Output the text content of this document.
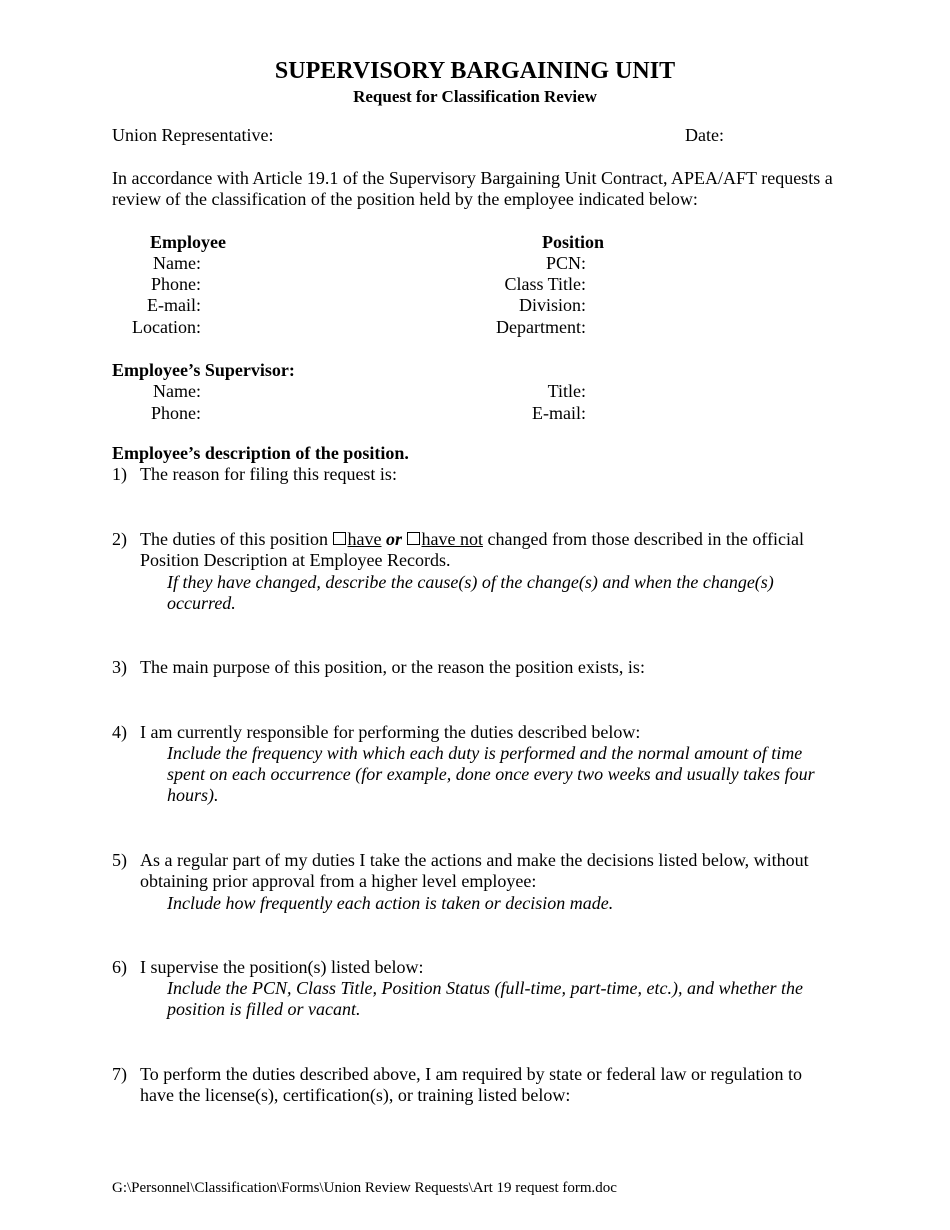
SUPERVISORY BARGAINING UNIT
Request for Classification Review
Union Representative:	Date:
In accordance with Article 19.1 of the Supervisory Bargaining Unit Contract, APEA/AFT requests a review of the classification of the position held by the employee indicated below:
Employee	Position
Name:
Phone:
E-mail:
Location:
PCN:
Class Title:
Division:
Department:
Employee’s Supervisor:
Name:
Phone:
Title:
E-mail:
Employee’s description of the position.
1) The reason for filing this request is:
2) The duties of this position have or have not changed from those described in the official Position Description at Employee Records.
If they have changed, describe the cause(s) of the change(s) and when the change(s) occurred.
3) The main purpose of this position, or the reason the position exists, is:
4) I am currently responsible for performing the duties described below:
Include the frequency with which each duty is performed and the normal amount of time spent on each occurrence (for example, done once every two weeks and usually takes four hours).
5) As a regular part of my duties I take the actions and make the decisions listed below, without obtaining prior approval from a higher level employee:
Include how frequently each action is taken or decision made.
6) I supervise the position(s) listed below:
Include the PCN, Class Title, Position Status (full-time, part-time, etc.), and whether the position is filled or vacant.
7) To perform the duties described above, I am required by state or federal law or regulation to have the license(s), certification(s), or training listed below:
G:\Personnel\Classification\Forms\Union Review Requests\Art 19 request form.doc
